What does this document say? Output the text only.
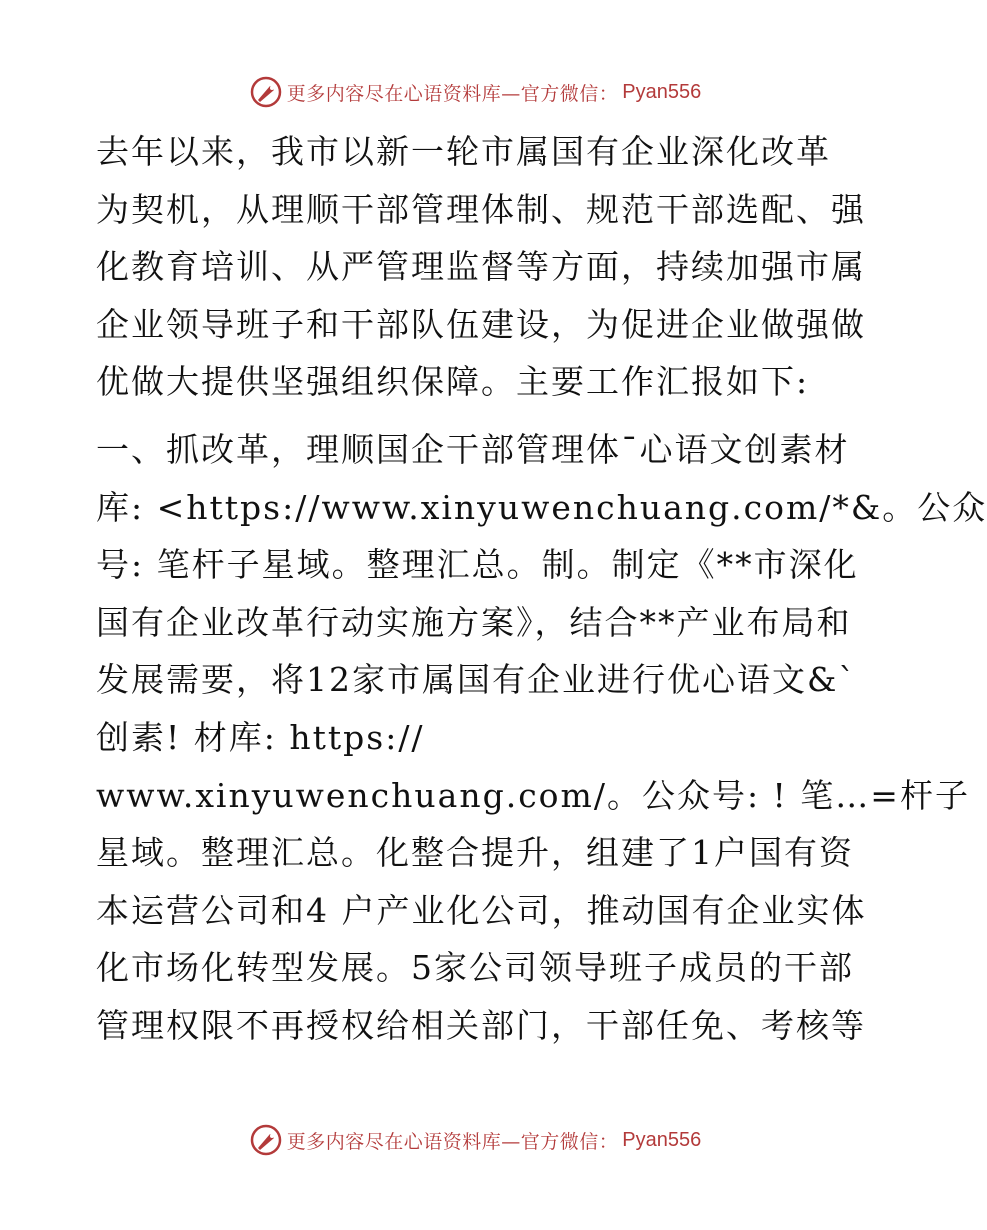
更多内容尽在心语资料库—官方微信： Pyan556
去年以来，我市以新一轮市属国有企业深化改革
为契机，从理顺干部管理体制、规范干部选配、强
化教育培训、从严管理监督等方面，持续加强市属
企业领导班子和干部队伍建设，为促进企业做强做
优做大提供坚强组织保障。主要工作汇报如下:
一、抓改革，理顺国企干部管理体¯心语文创素材
库: <https://www.xinyuwenchuang.com/*&。公众
号: 笔杆子星域。整理汇总。制。制定《**市深化
国有企业改革行动实施方案》，结合**产业布局和
发展需要，将12家市属国有企业进行优心语文&`
创素! 材库: https://
www.xinyuwenchuang.com/。公众号: ! 笔…=杆子
星域。整理汇总。化整合提升，组建了1户国有资
本运营公司和4 户产业化公司，推动国有企业实体
化市场化转型发展。5家公司领导班子成员的干部
管理权限不再授权给相关部门，干部任免、考核等
更多内容尽在心语资料库—官方微信： Pyan556
